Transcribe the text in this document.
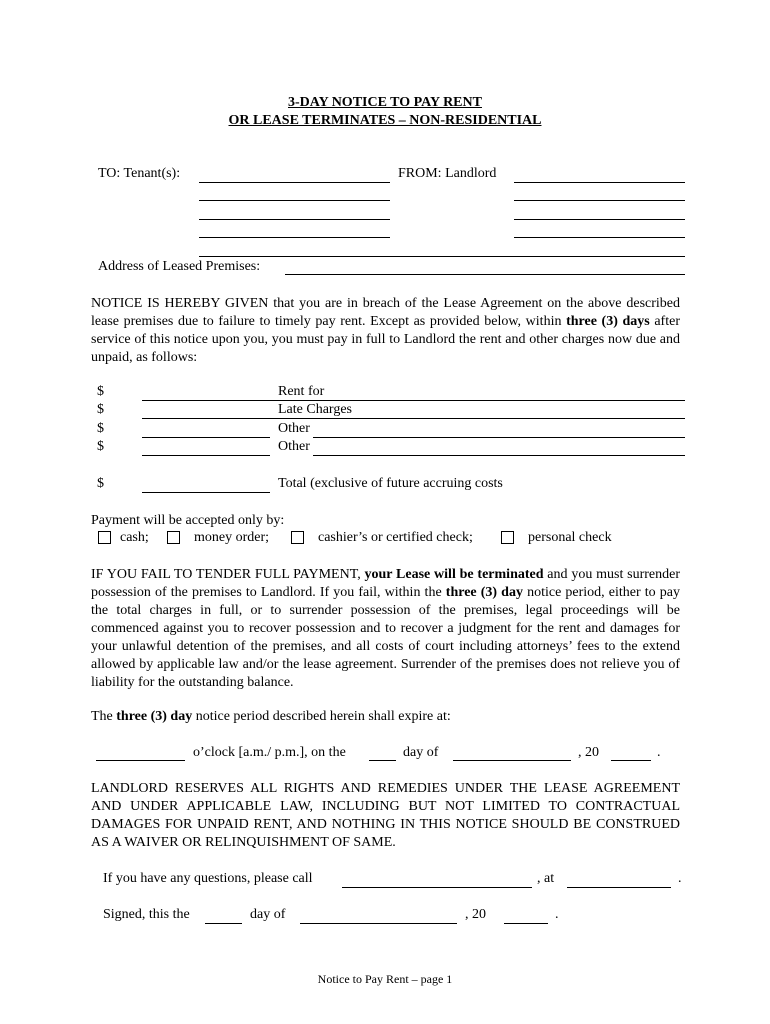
3-DAY NOTICE TO PAY RENT
OR LEASE TERMINATES – NON-RESIDENTIAL
TO: Tenant(s):	FROM: Landlord
Address of Leased Premises:
NOTICE IS HEREBY GIVEN that you are in breach of the Lease Agreement on the above described lease premises due to failure to timely pay rent. Except as provided below, within three (3) days after service of this notice upon you, you must pay in full to Landlord the rent and other charges now due and unpaid, as follows:
$	Rent for
$	Late Charges
$	Other
$	Other
$	Total (exclusive of future accruing costs
Payment will be accepted only by:
cash;	money order;	cashier’s or certified check;	personal check
IF YOU FAIL TO TENDER FULL PAYMENT, your Lease will be terminated and you must surrender possession of the premises to Landlord. If you fail, within the three (3) day notice period, either to pay the total charges in full, or to surrender possession of the premises, legal proceedings will be commenced against you to recover possession and to recover a judgment for the rent and damages for your unlawful detention of the premises, and all costs of court including attorneys’ fees to the extend allowed by applicable law and/or the lease agreement. Surrender of the premises does not relieve you of liability for the outstanding balance.
The three (3) day notice period described herein shall expire at:
o’clock [a.m./ p.m.], on the	day of	, 20	.
LANDLORD RESERVES ALL RIGHTS AND REMEDIES UNDER THE LEASE AGREEMENT AND UNDER APPLICABLE LAW, INCLUDING BUT NOT LIMITED TO CONTRACTUAL DAMAGES FOR UNPAID RENT, AND NOTHING IN THIS NOTICE SHOULD BE CONSTRUED AS A WAIVER OR RELINQUISHMENT OF SAME.
If you have any questions, please call	, at	.
Signed, this the	day of	, 20	.
Notice to Pay Rent – page 1
